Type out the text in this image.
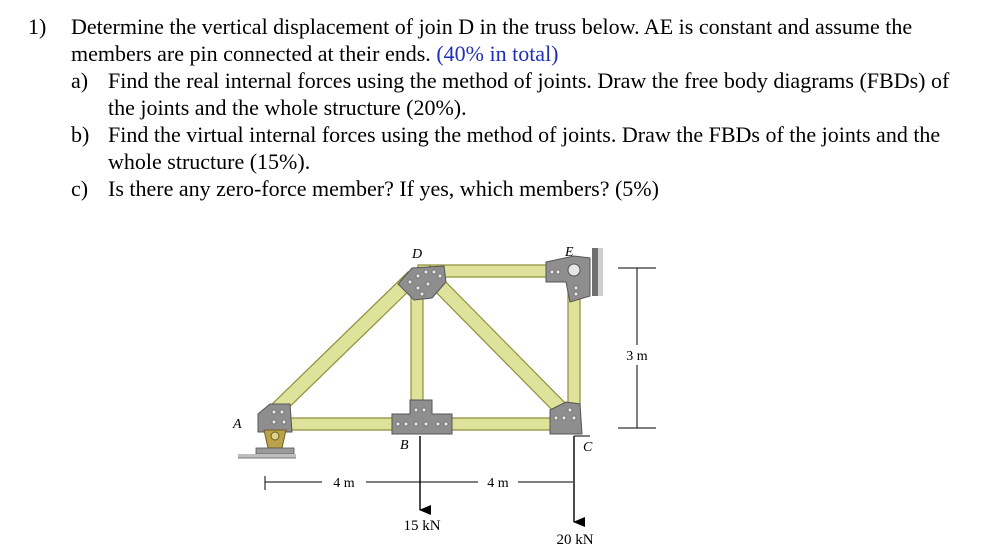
1) Determine the vertical displacement of join D in the truss below. AE is constant and assume the members are pin connected at their ends. (40% in total)
a) Find the real internal forces using the method of joints. Draw the free body diagrams (FBDs) of the joints and the whole structure (20%).
b) Find the virtual internal forces using the method of joints. Draw the FBDs of the joints and the whole structure (15%).
c) Is there any zero-force member? If yes, which members? (5%)
A
B	C
D	E
4 m	4 m
3 m
15 kN
20 kN
